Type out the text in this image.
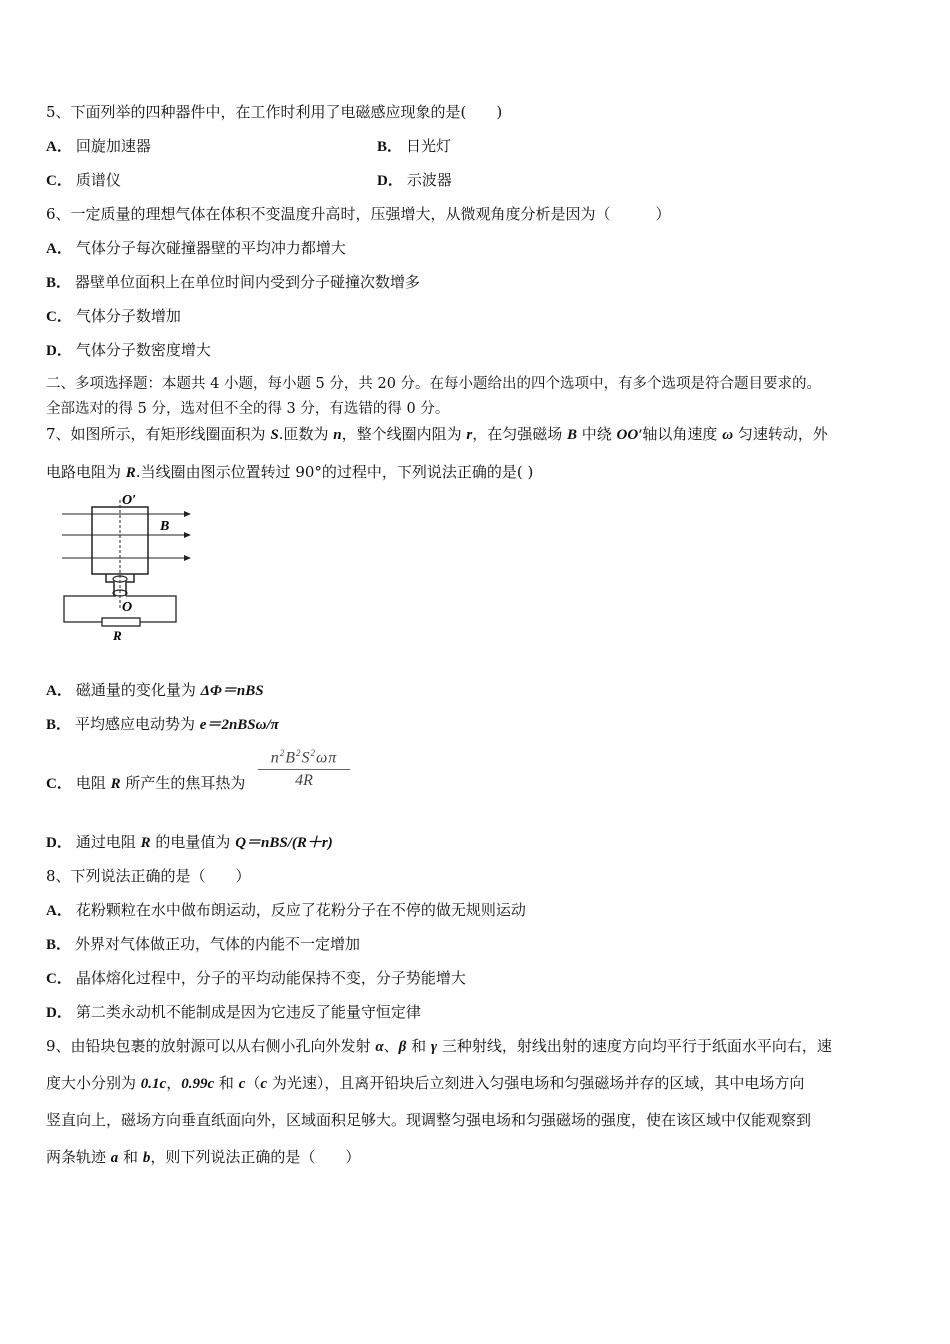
5、下面列举的四种器件中，在工作时利用了电磁感应现象的是(　　)
A． 回旋加速器	B． 日光灯
C． 质谱仪	D． 示波器
6、一定质量的理想气体在体积不变温度升高时，压强增大，从微观角度分析是因为（　　　）
A． 气体分子每次碰撞器壁的平均冲力都增大
B． 器壁单位面积上在单位时间内受到分子碰撞次数增多
C． 气体分子数增加
D． 气体分子数密度增大
二、多项选择题：本题共 4 小题，每小题 5 分，共 20 分。在每小题给出的四个选项中，有多个选项是符合题目要求的。
全部选对的得 5 分，选对但不全的得 3 分，有选错的得 0 分。
7、如图所示，有矩形线圈面积为 S.匝数为 n，整个线圈内阻为 r，在匀强磁场 B 中绕 OO′轴以角速度 ω 匀速转动，外
电路电阻为 R.当线圈由图示位置转过 90°的过程中，下列说法正确的是( )
O′
B
O
R
A． 磁通量的变化量为 ΔΦ＝nBS
B． 平均感应电动势为 e＝2nBSω/π
C． 电阻 R 所产生的焦耳热为 $\frac{n^2B^2S^2\omega\pi}{4R}$
D． 通过电阻 R 的电量值为 Q＝nBS/(R＋r)
8、下列说法正确的是（　　）
A． 花粉颗粒在水中做布朗运动，反应了花粉分子在不停的做无规则运动
B． 外界对气体做正功，气体的内能不一定增加
C． 晶体熔化过程中，分子的平均动能保持不变，分子势能增大
D． 第二类永动机不能制成是因为它违反了能量守恒定律
9、由铅块包裹的放射源可以从右侧小孔向外发射 α、β 和 γ 三种射线，射线出射的速度方向均平行于纸面水平向右，速
度大小分别为 0.1c，0.99c 和 c（c 为光速），且离开铅块后立刻进入匀强电场和匀强磁场并存的区域，其中电场方向
竖直向上，磁场方向垂直纸面向外，区域面积足够大。现调整匀强电场和匀强磁场的强度，使在该区域中仅能观察到
两条轨迹 a 和 b，则下列说法正确的是（　　）
